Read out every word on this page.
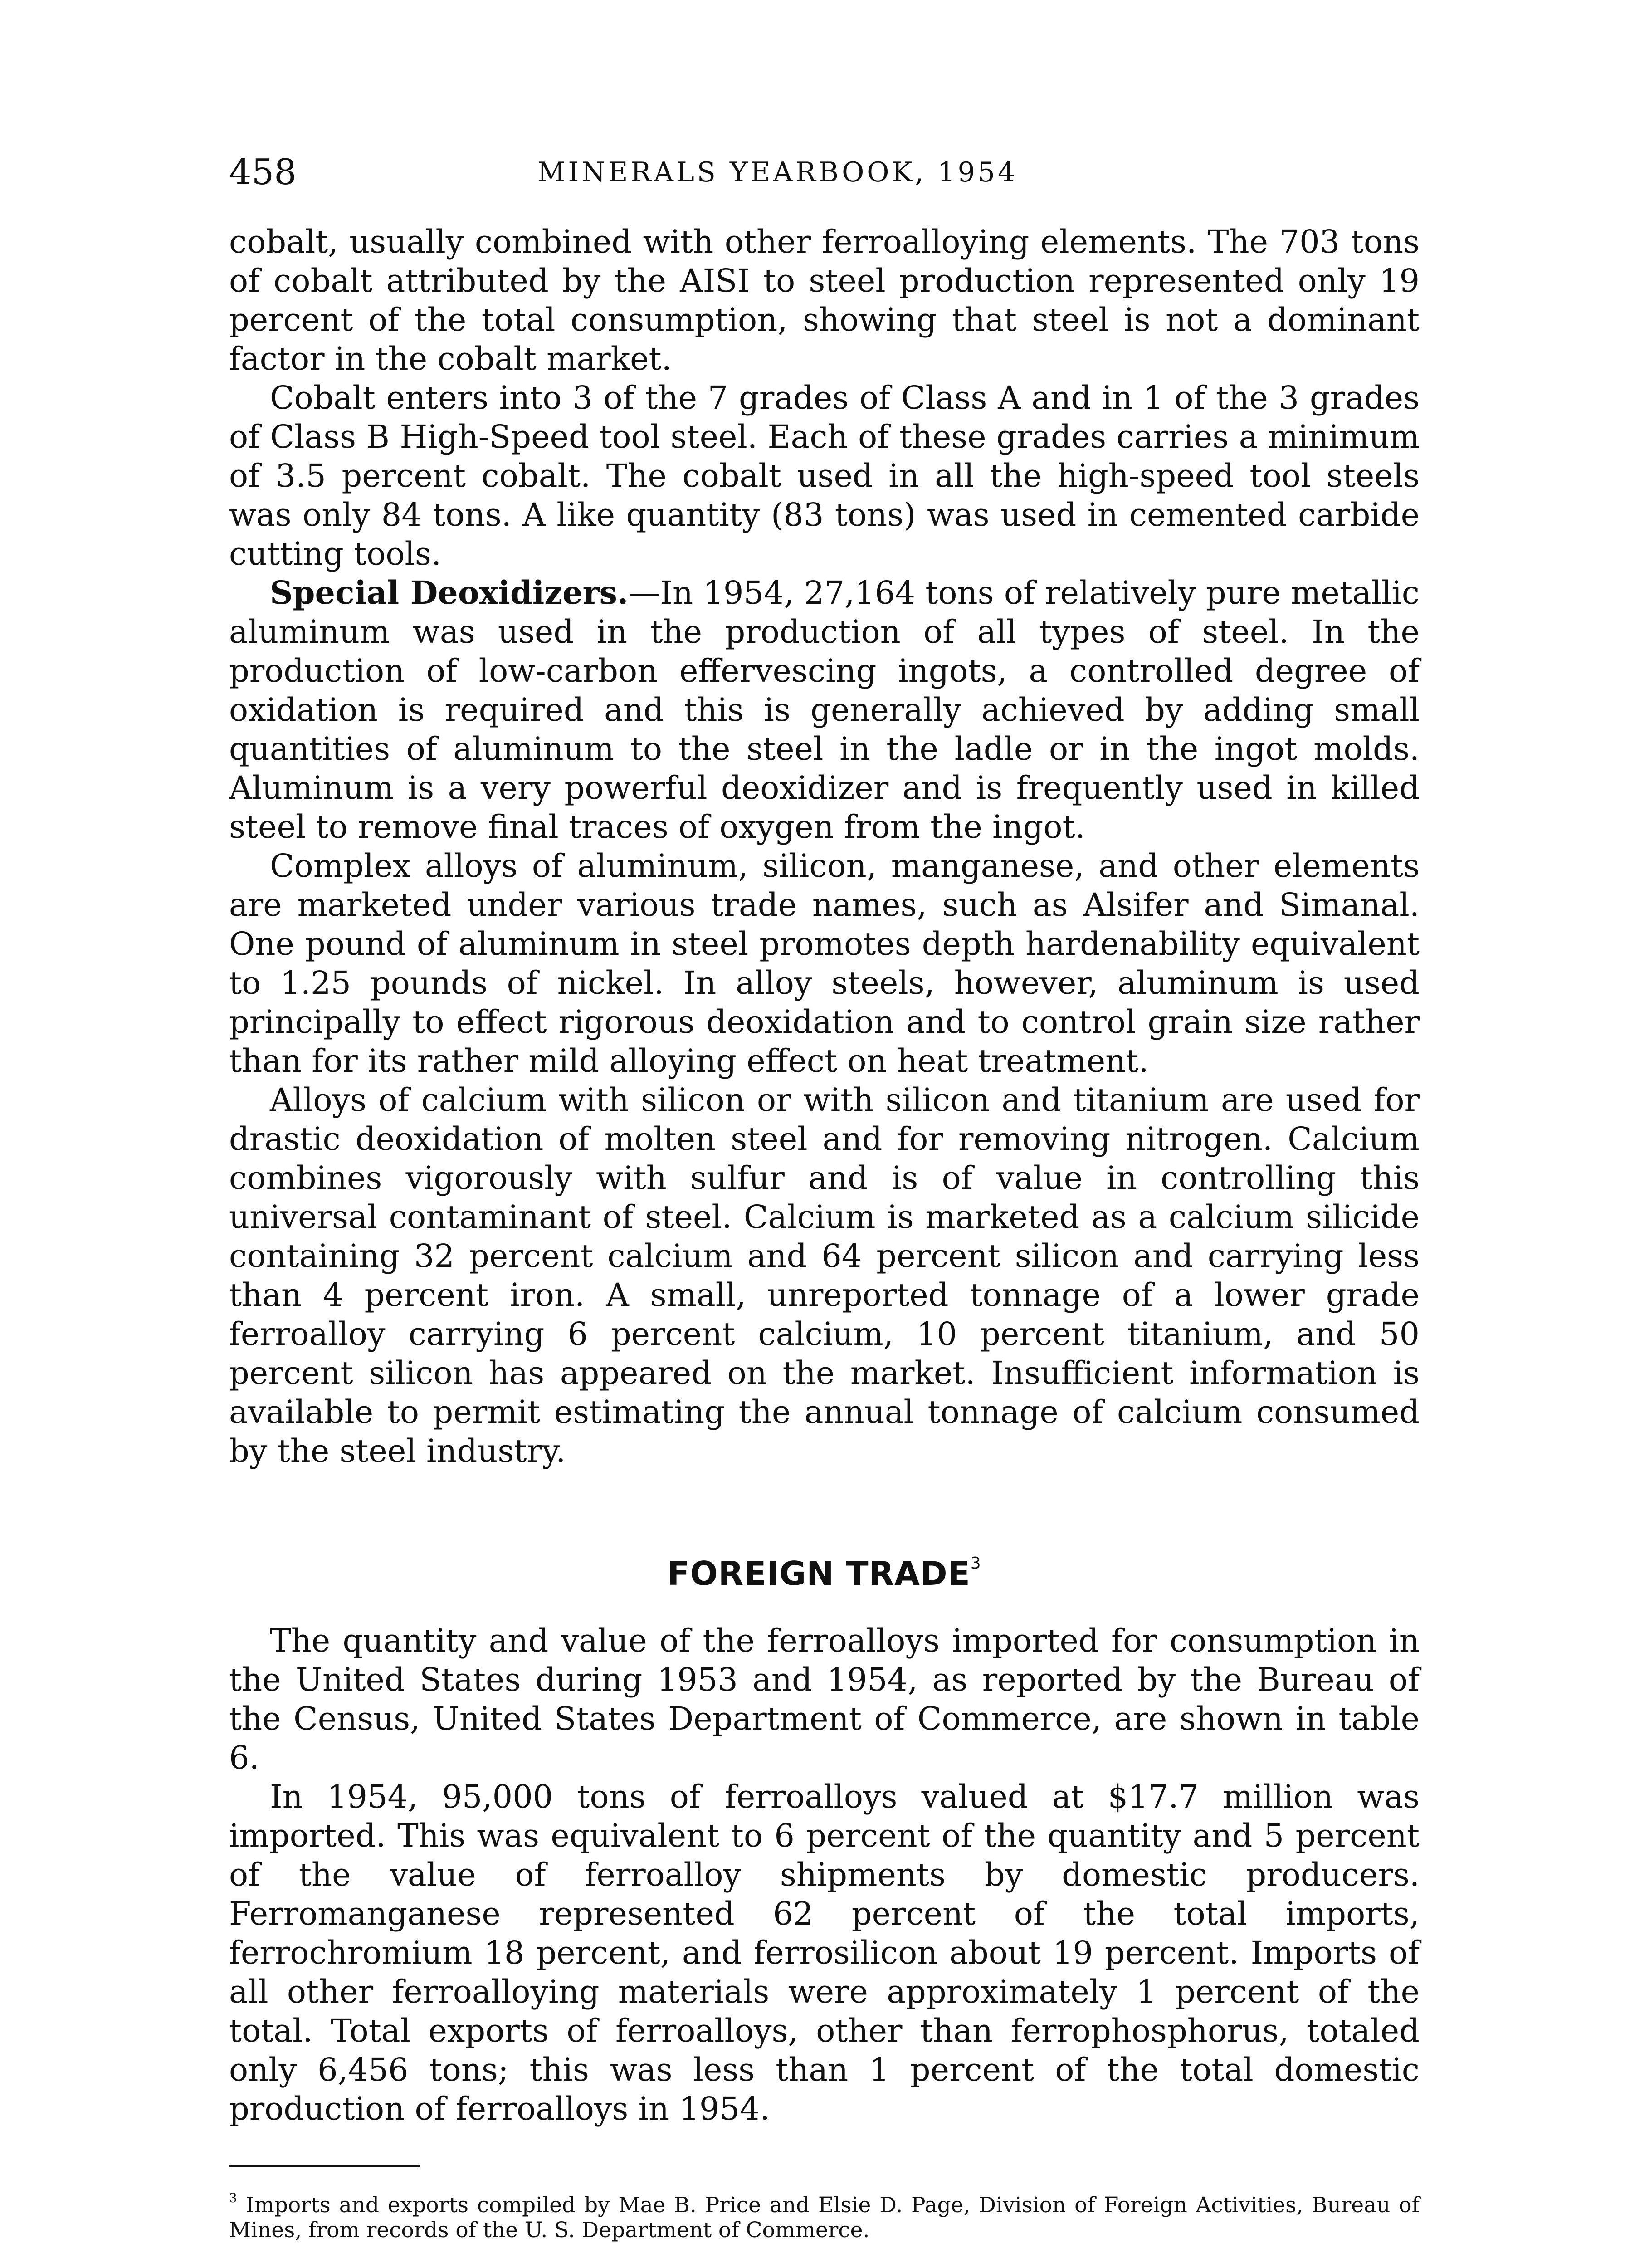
458	MINERALS YEARBOOK, 1954

cobalt, usually combined with other ferroalloying elements. The 703 tons of cobalt attributed by the AISI to steel production represented only 19 percent of the total consumption, showing that steel is not a dominant factor in the cobalt market.

Cobalt enters into 3 of the 7 grades of Class A and in 1 of the 3 grades of Class B High-Speed tool steel. Each of these grades carries a minimum of 3.5 percent cobalt. The cobalt used in all the high-speed tool steels was only 84 tons. A like quantity (83 tons) was used in cemented carbide cutting tools.

Special Deoxidizers.—In 1954, 27,164 tons of relatively pure metallic aluminum was used in the production of all types of steel. In the production of low-carbon effervescing ingots, a controlled degree of oxidation is required and this is generally achieved by adding small quantities of aluminum to the steel in the ladle or in the ingot molds. Aluminum is a very powerful deoxidizer and is frequently used in killed steel to remove final traces of oxygen from the ingot.

Complex alloys of aluminum, silicon, manganese, and other elements are marketed under various trade names, such as Alsifer and Simanal. One pound of aluminum in steel promotes depth hardenability equivalent to 1.25 pounds of nickel. In alloy steels, however, aluminum is used principally to effect rigorous deoxidation and to control grain size rather than for its rather mild alloying effect on heat treatment.

Alloys of calcium with silicon or with silicon and titanium are used for drastic deoxidation of molten steel and for removing nitrogen. Calcium combines vigorously with sulfur and is of value in controlling this universal contaminant of steel. Calcium is marketed as a calcium silicide containing 32 percent calcium and 64 percent silicon and carrying less than 4 percent iron. A small, unreported tonnage of a lower grade ferroalloy carrying 6 percent calcium, 10 percent titanium, and 50 percent silicon has appeared on the market. Insufficient information is available to permit estimating the annual tonnage of calcium consumed by the steel industry.

FOREIGN TRADE$^3$

The quantity and value of the ferroalloys imported for consumption in the United States during 1953 and 1954, as reported by the Bureau of the Census, United States Department of Commerce, are shown in table 6.

In 1954, 95,000 tons of ferroalloys valued at $17.7 million was imported. This was equivalent to 6 percent of the quantity and 5 percent of the value of ferroalloy shipments by domestic producers. Ferromanganese represented 62 percent of the total imports, ferrochromium 18 percent, and ferrosilicon about 19 percent. Imports of all other ferroalloying materials were approximately 1 percent of the total. Total exports of ferroalloys, other than ferrophosphorus, totaled only 6,456 tons; this was less than 1 percent of the total domestic production of ferroalloys in 1954.

$^3$ Imports and exports compiled by Mae B. Price and Elsie D. Page, Division of Foreign Activities, Bureau of Mines, from records of the U. S. Department of Commerce.
